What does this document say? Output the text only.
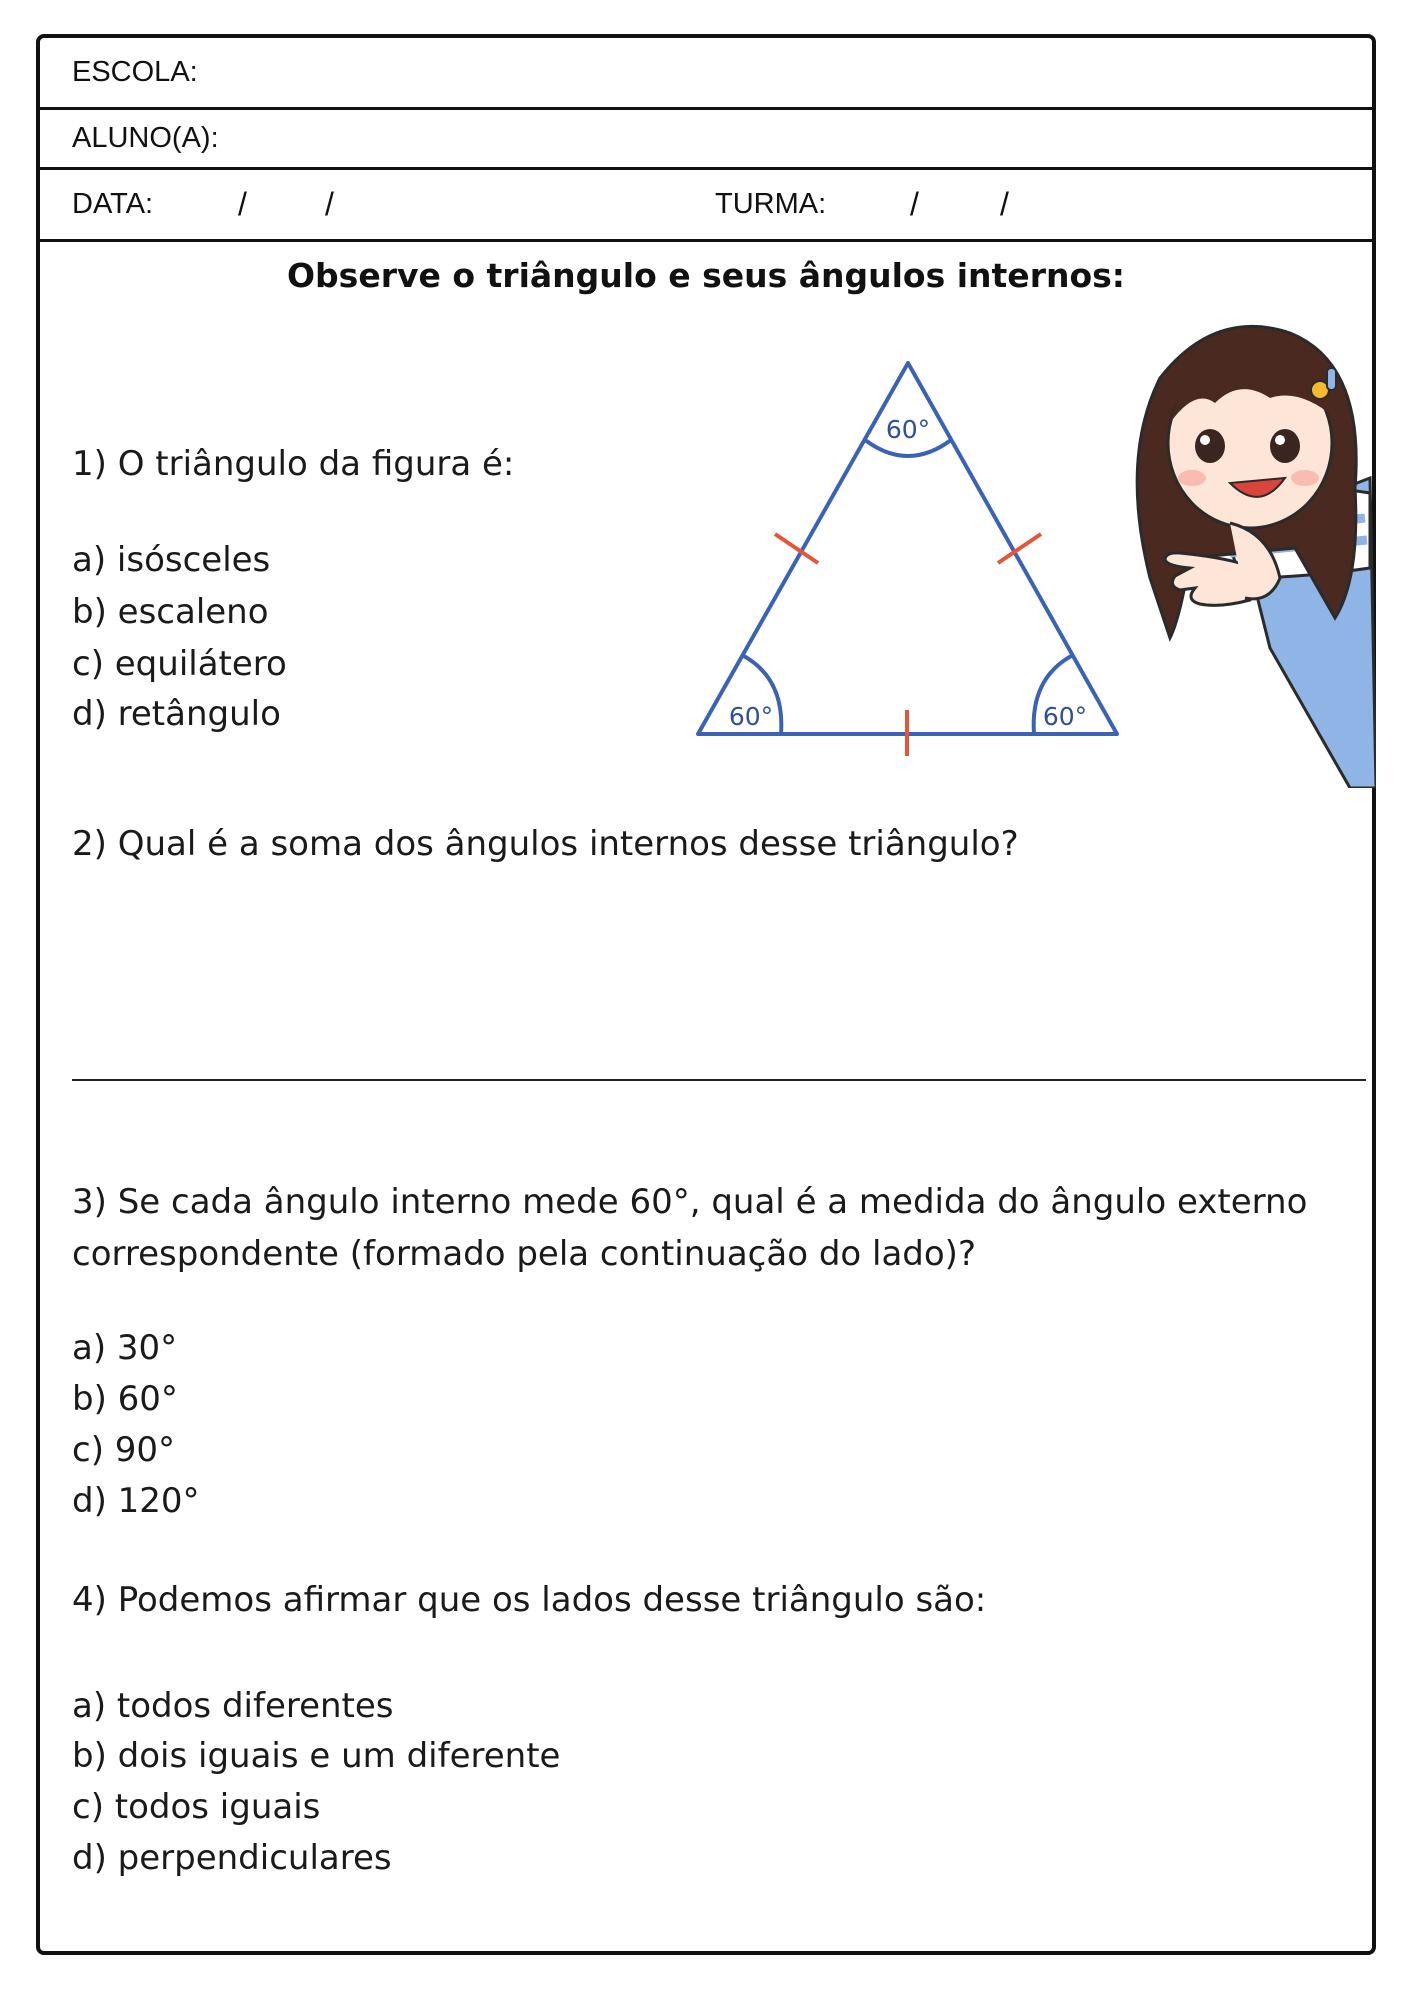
ESCOLA:
ALUNO(A):
DATA:	/ /	TURMA:	/	/
Observe o triângulo e seus ângulos internos:
1) O triângulo da figura é:
a) isósceles
b) escaleno
c) equilátero
d) retângulo
60°
60°	60°
2) Qual é a soma dos ângulos internos desse triângulo?
3) Se cada ângulo interno mede 60°, qual é a medida do ângulo externo
correspondente (formado pela continuação do lado)?
a) 30°
b) 60°
c) 90°
d) 120°
4) Podemos afirmar que os lados desse triângulo são:
a) todos diferentes
b) dois iguais e um diferente
c) todos iguais
d) perpendiculares
